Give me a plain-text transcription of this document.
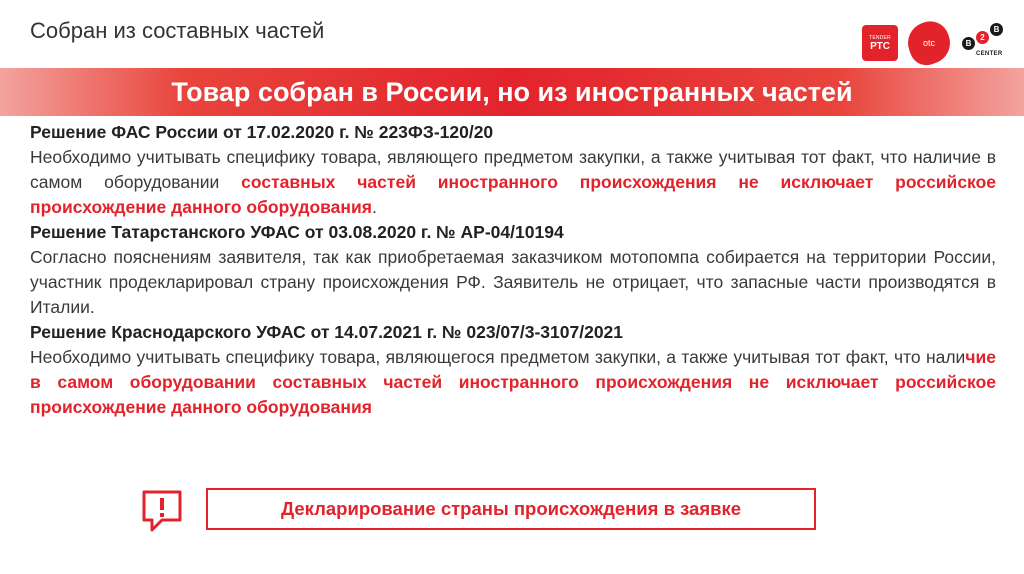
Собран из составных частей	TENDER
РТС	otc	B
2
B
CENTER
Товар собран в России, но из иностранных частей
Решение ФАС России от 17.02.2020 г. № 223ФЗ-120/20
Необходимо учитывать специфику товара, являющего предметом закупки, а также учитывая тот факт, что наличие в самом оборудовании составных частей иностранного происхождения не исключает российское происхождение данного оборудования.
Решение Татарстанского УФАС от 03.08.2020 г. № АР-04/10194
Согласно пояснениям заявителя, так как приобретаемая заказчиком мотопомпа собирается на территории России, участник продекларировал страну происхождения РФ. Заявитель не отрицает, что запасные части производятся в Италии.
Решение Краснодарского УФАС от 14.07.2021 г. № 023/07/3-3107/2021
Необходимо учитывать специфику товара, являющегося предметом закупки, а также учитывая тот факт, что наличие в самом оборудовании составных частей иностранного происхождения не исключает российское происхождение данного оборудования
Декларирование страны происхождения в заявке
